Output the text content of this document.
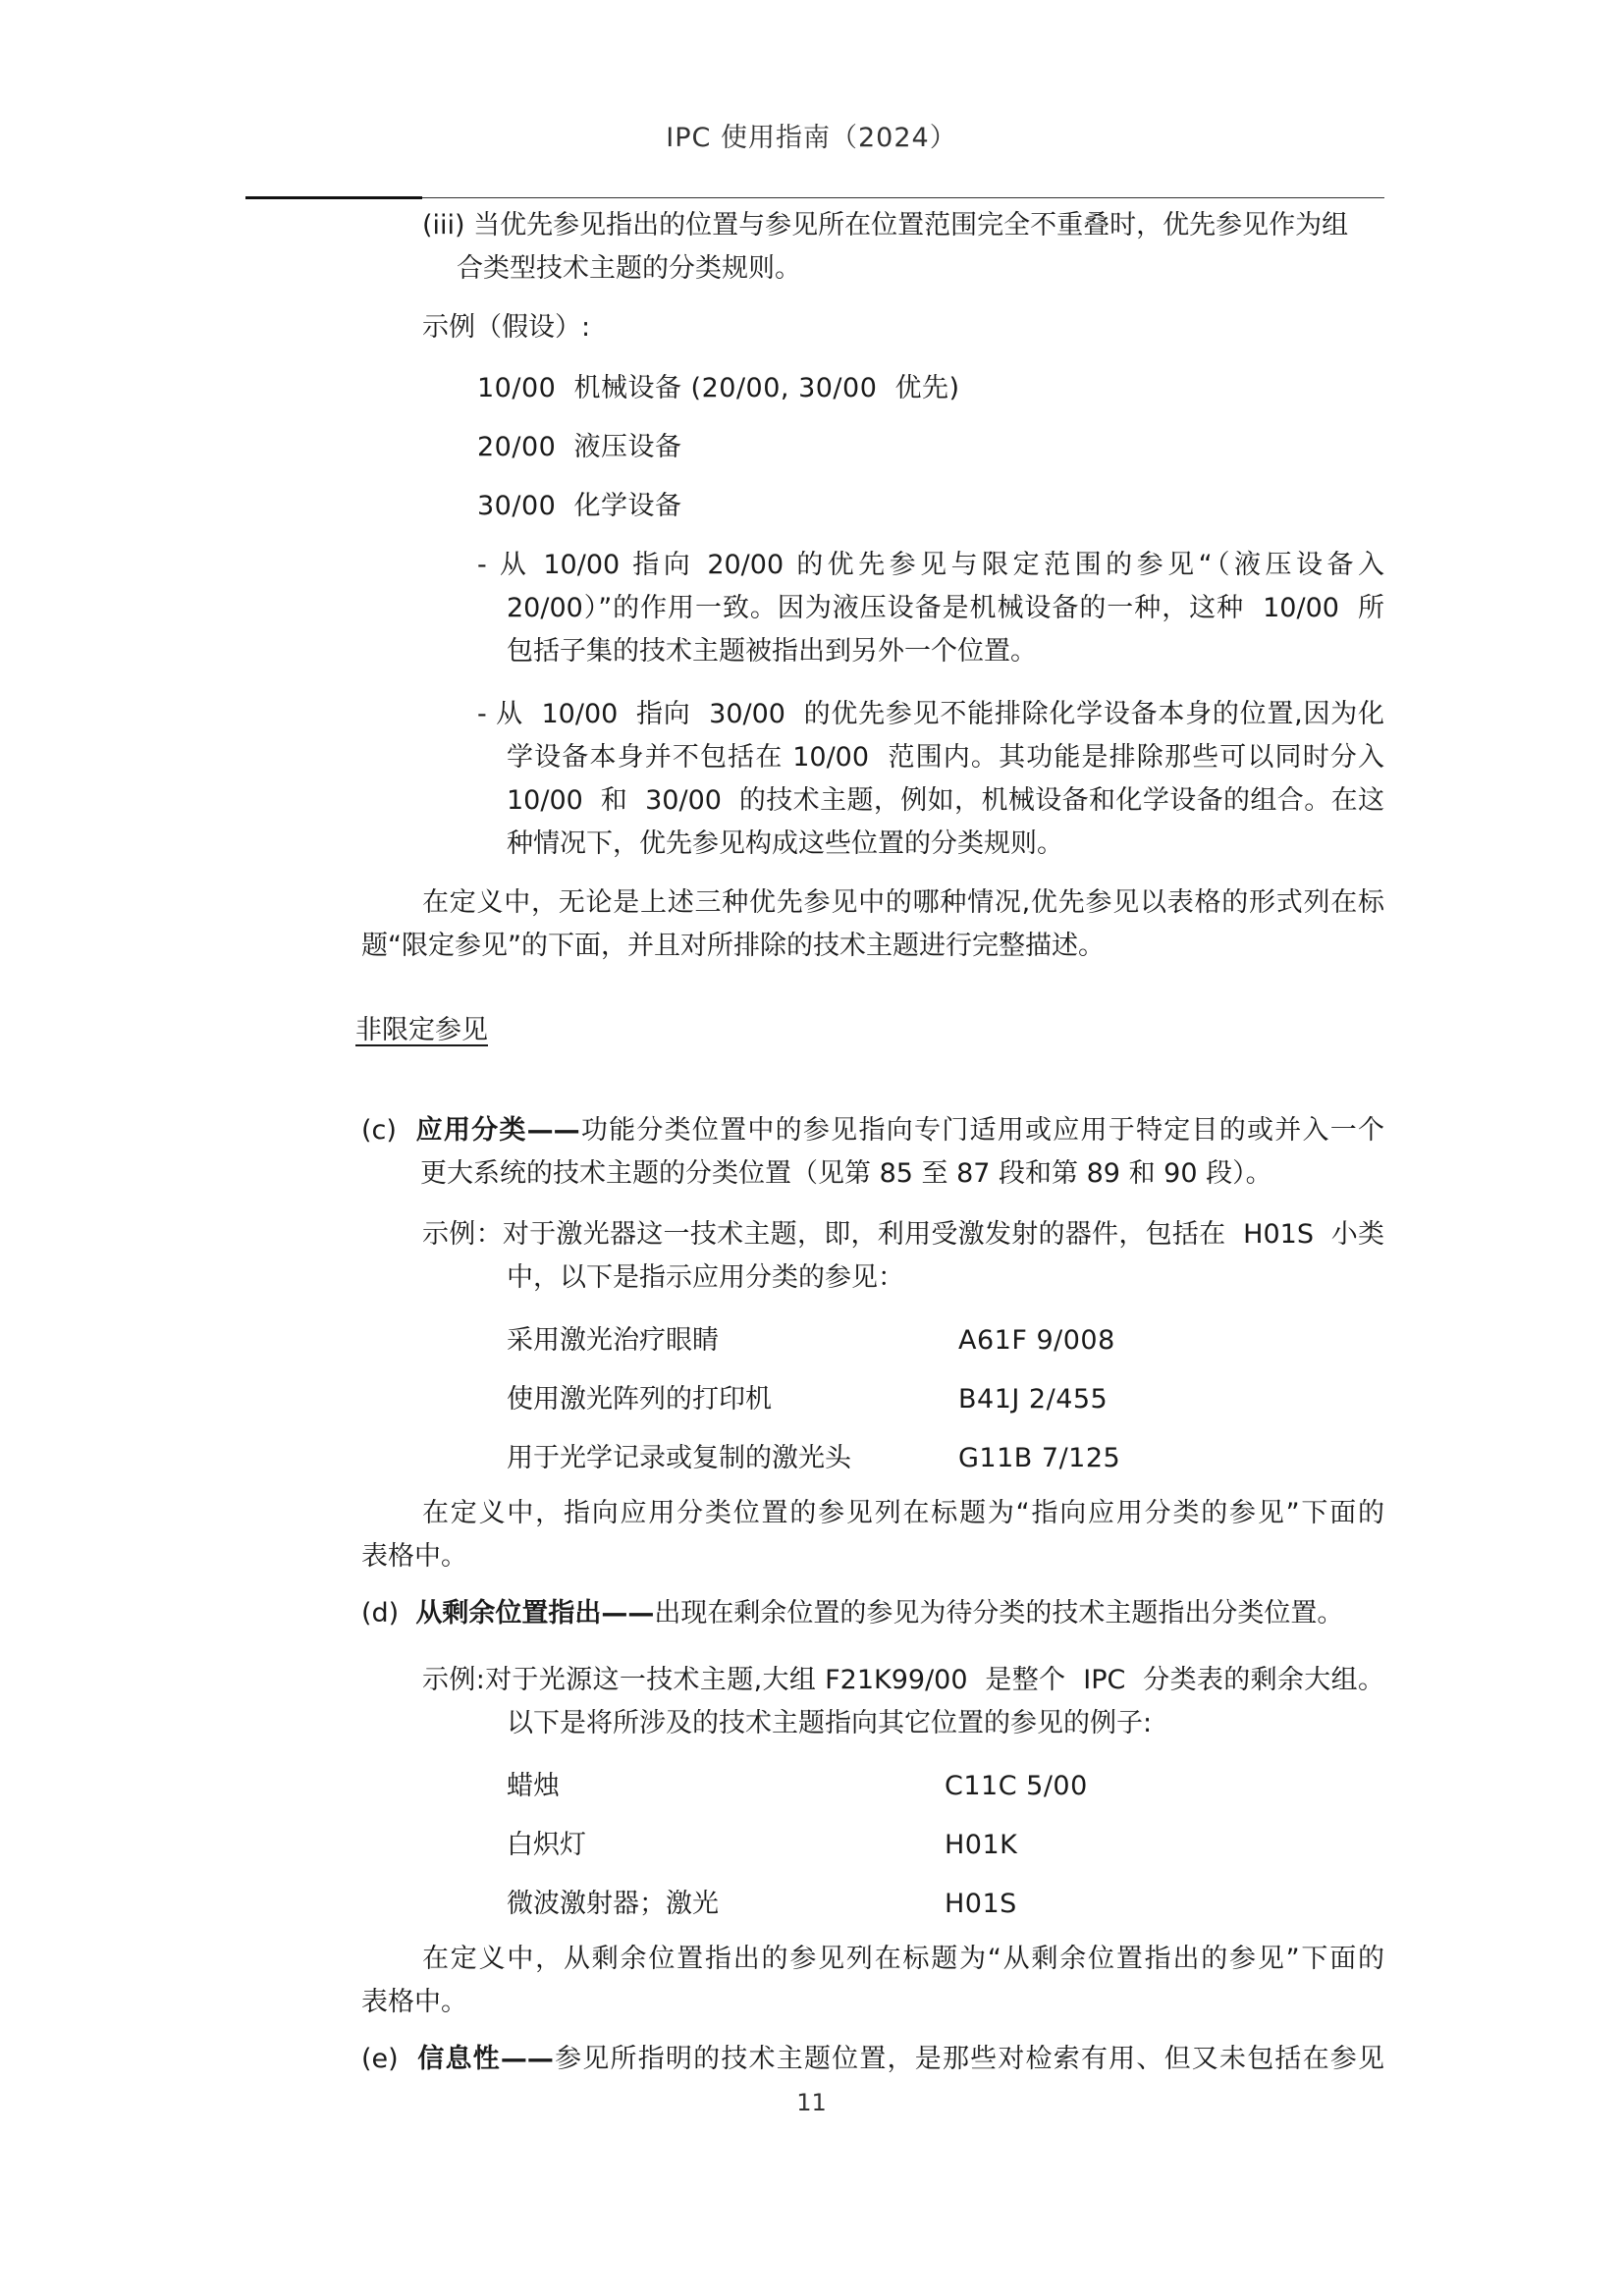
IPC 使用指南（2024）
(iii) 当优先参见指出的位置与参见所在位置范围完全不重叠时，优先参见作为组
合类型技术主题的分类规则。
示例（假设）:
10/00  机械设备 (20/00, 30/00  优先)
20/00  液压设备
30/00  化学设备
- 从 10/00 指向 20/00 的优先参见与限定范围的参见“（液压设备入
20/00）”的作用一致。因为液压设备是机械设备的一种，这种  10/00  所
包括子集的技术主题被指出到另外一个位置。
- 从  10/00  指向  30/00  的优先参见不能排除化学设备本身的位置,因为化
学设备本身并不包括在 10/00  范围内。其功能是排除那些可以同时分入
10/00  和  30/00  的技术主题，例如，机械设备和化学设备的组合。在这
种情况下，优先参见构成这些位置的分类规则。
在定义中，无论是上述三种优先参见中的哪种情况,优先参见以表格的形式列在标
题“限定参见”的下面，并且对所排除的技术主题进行完整描述。
非限定参见
(c) 应用分类——功能分类位置中的参见指向专门适用或应用于特定目的或并入一个
更大系统的技术主题的分类位置（见第 85 至 87 段和第 89 和 90 段）。
示例：对于激光器这一技术主题，即，利用受激发射的器件，包括在  H01S  小类
中，以下是指示应用分类的参见：
采用激光治疗眼睛	A61F 9/008
使用激光阵列的打印机	B41J 2/455
用于光学记录或复制的激光头	G11B 7/125
在定义中，指向应用分类位置的参见列在标题为“指向应用分类的参见”下面的
表格中。
(d) 从剩余位置指出——出现在剩余位置的参见为待分类的技术主题指出分类位置。
示例:对于光源这一技术主题,大组 F21K99/00  是整个  IPC  分类表的剩余大组。
以下是将所涉及的技术主题指向其它位置的参见的例子:
蜡烛	C11C 5/00
白炽灯	H01K
微波激射器；激光	H01S
在定义中，从剩余位置指出的参见列在标题为“从剩余位置指出的参见”下面的
表格中。
(e) 信息性——参见所指明的技术主题位置，是那些对检索有用、但又未包括在参见
11
